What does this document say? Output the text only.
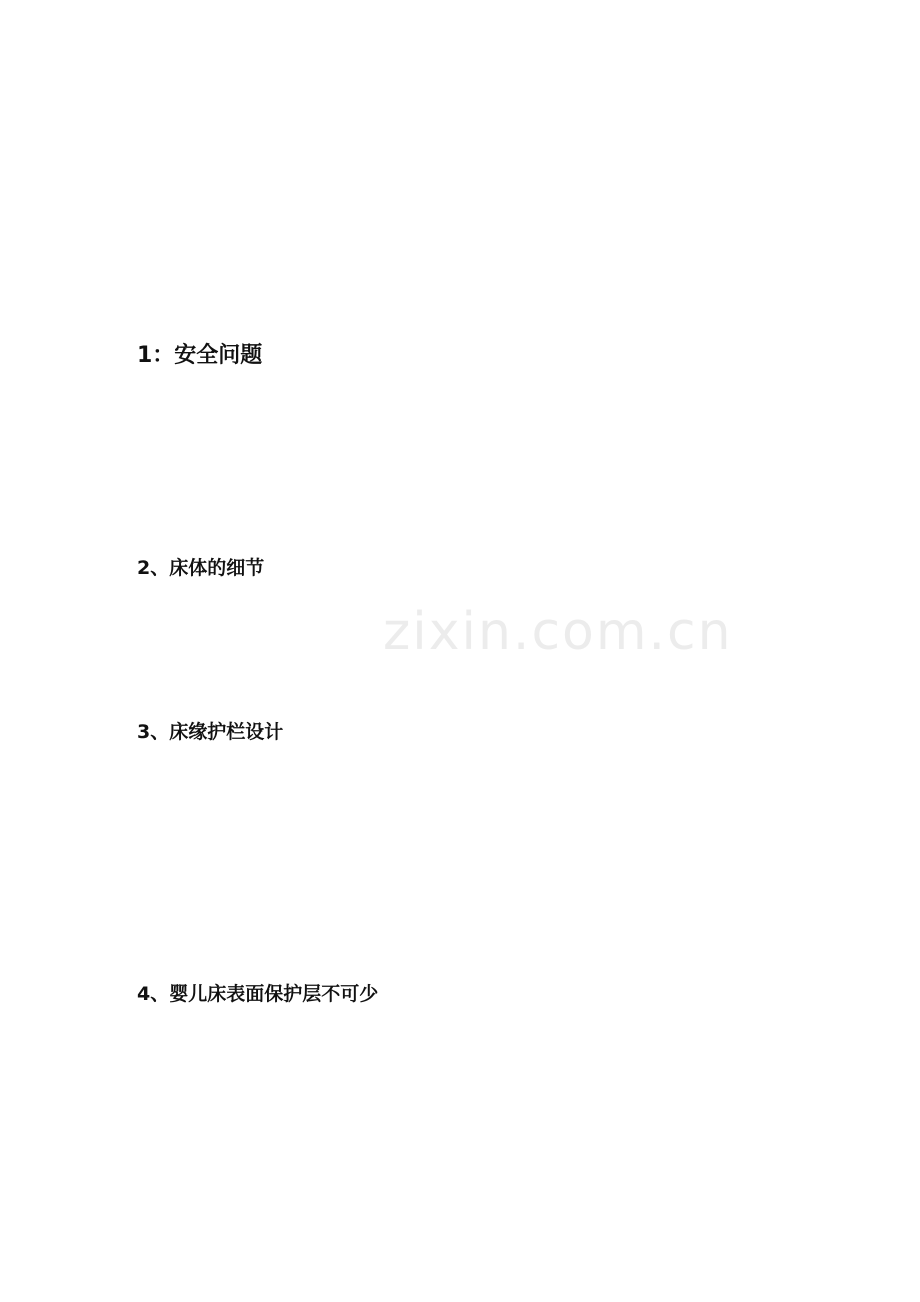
zixin.com.cn

1：安全问题

2、床体的细节

3、床缘护栏设计

4、婴儿床表面保护层不可少
